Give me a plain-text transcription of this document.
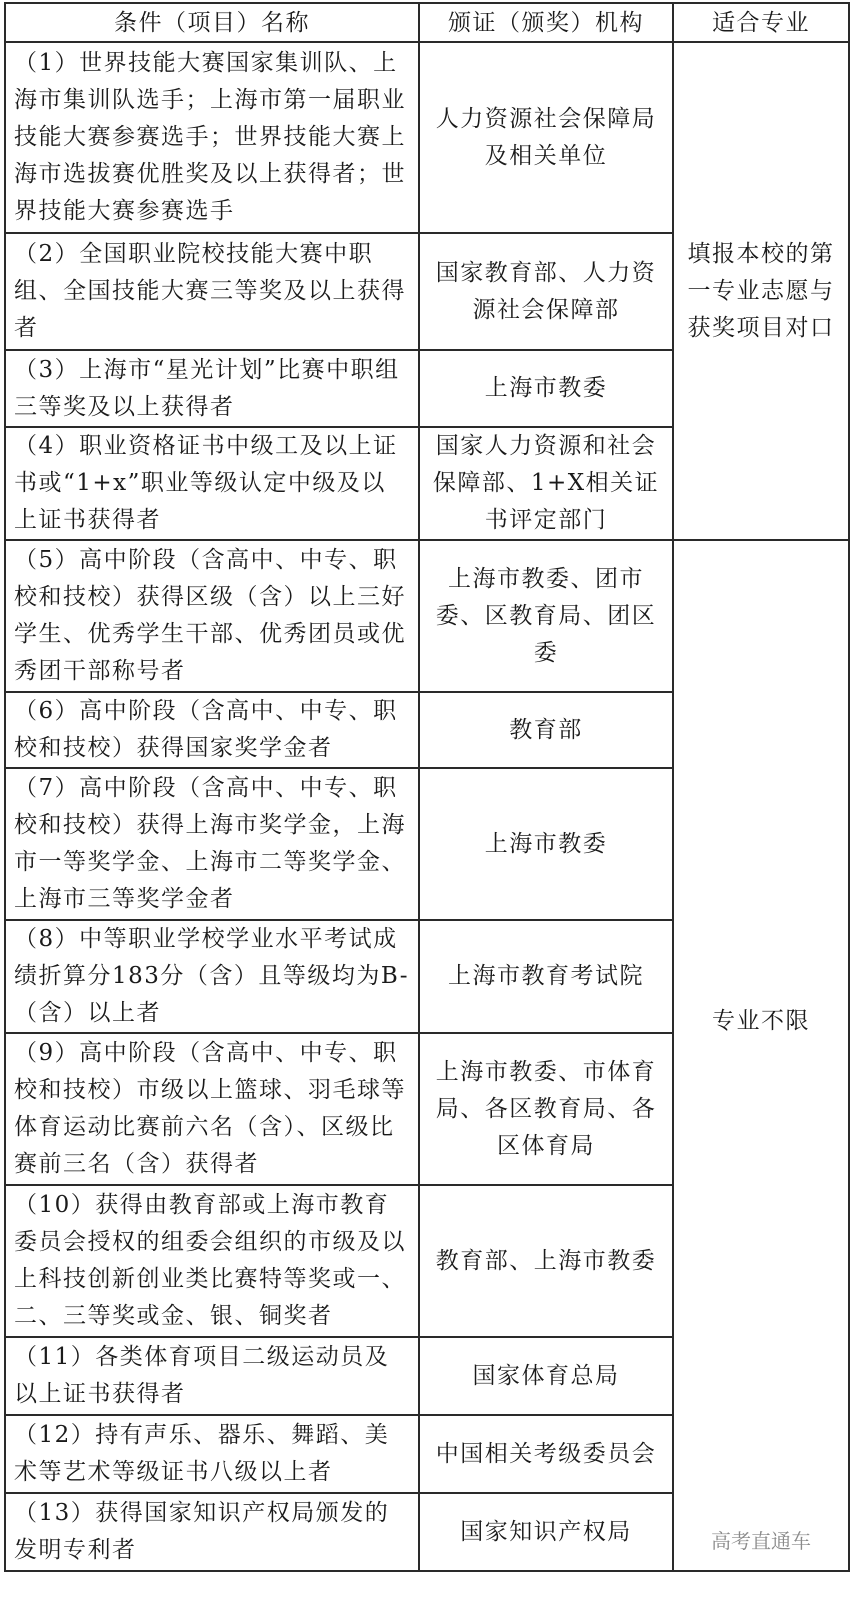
条件（项目）名称	颁证（颁奖）机构	适合专业
（1）世界技能大赛国家集训队、上海市集训队选手；上海市第一届职业技能大赛参赛选手；世界技能大赛上海市选拔赛优胜奖及以上获得者；世界技能大赛参赛选手	人力资源社会保障局及相关单位	填报本校的第一专业志愿与获奖项目对口
（2）全国职业院校技能大赛中职组、全国技能大赛三等奖及以上获得者	国家教育部、人力资源社会保障部	
（3）上海市“星光计划”比赛中职组三等奖及以上获得者	上海市教委	
（4）职业资格证书中级工及以上证书或“1+x”职业等级认定中级及以上证书获得者	国家人力资源和社会保障部、1+X相关证书评定部门	
（5）高中阶段（含高中、中专、职校和技校）获得区级（含）以上三好学生、优秀学生干部、优秀团员或优秀团干部称号者	上海市教委、团市委、区教育局、团区委	专业不限
高考直通车

（6）高中阶段（含高中、中专、职校和技校）获得国家奖学金者	教育部	
（7）高中阶段（含高中、中专、职校和技校）获得上海市奖学金，上海市一等奖学金、上海市二等奖学金、上海市三等奖学金者	上海市教委	
（8）中等职业学校学业水平考试成绩折算分183分（含）且等级均为B-（含）以上者	上海市教育考试院	
（9）高中阶段（含高中、中专、职校和技校）市级以上篮球、羽毛球等体育运动比赛前六名（含）、区级比赛前三名（含）获得者	上海市教委、市体育局、各区教育局、各区体育局	
（10）获得由教育部或上海市教育委员会授权的组委会组织的市级及以上科技创新创业类比赛特等奖或一、二、三等奖或金、银、铜奖者	教育部、上海市教委	
（11）各类体育项目二级运动员及以上证书获得者	国家体育总局	
（12）持有声乐、器乐、舞蹈、美术等艺术等级证书八级以上者	中国相关考级委员会	
（13）获得国家知识产权局颁发的发明专利者	国家知识产权局	
